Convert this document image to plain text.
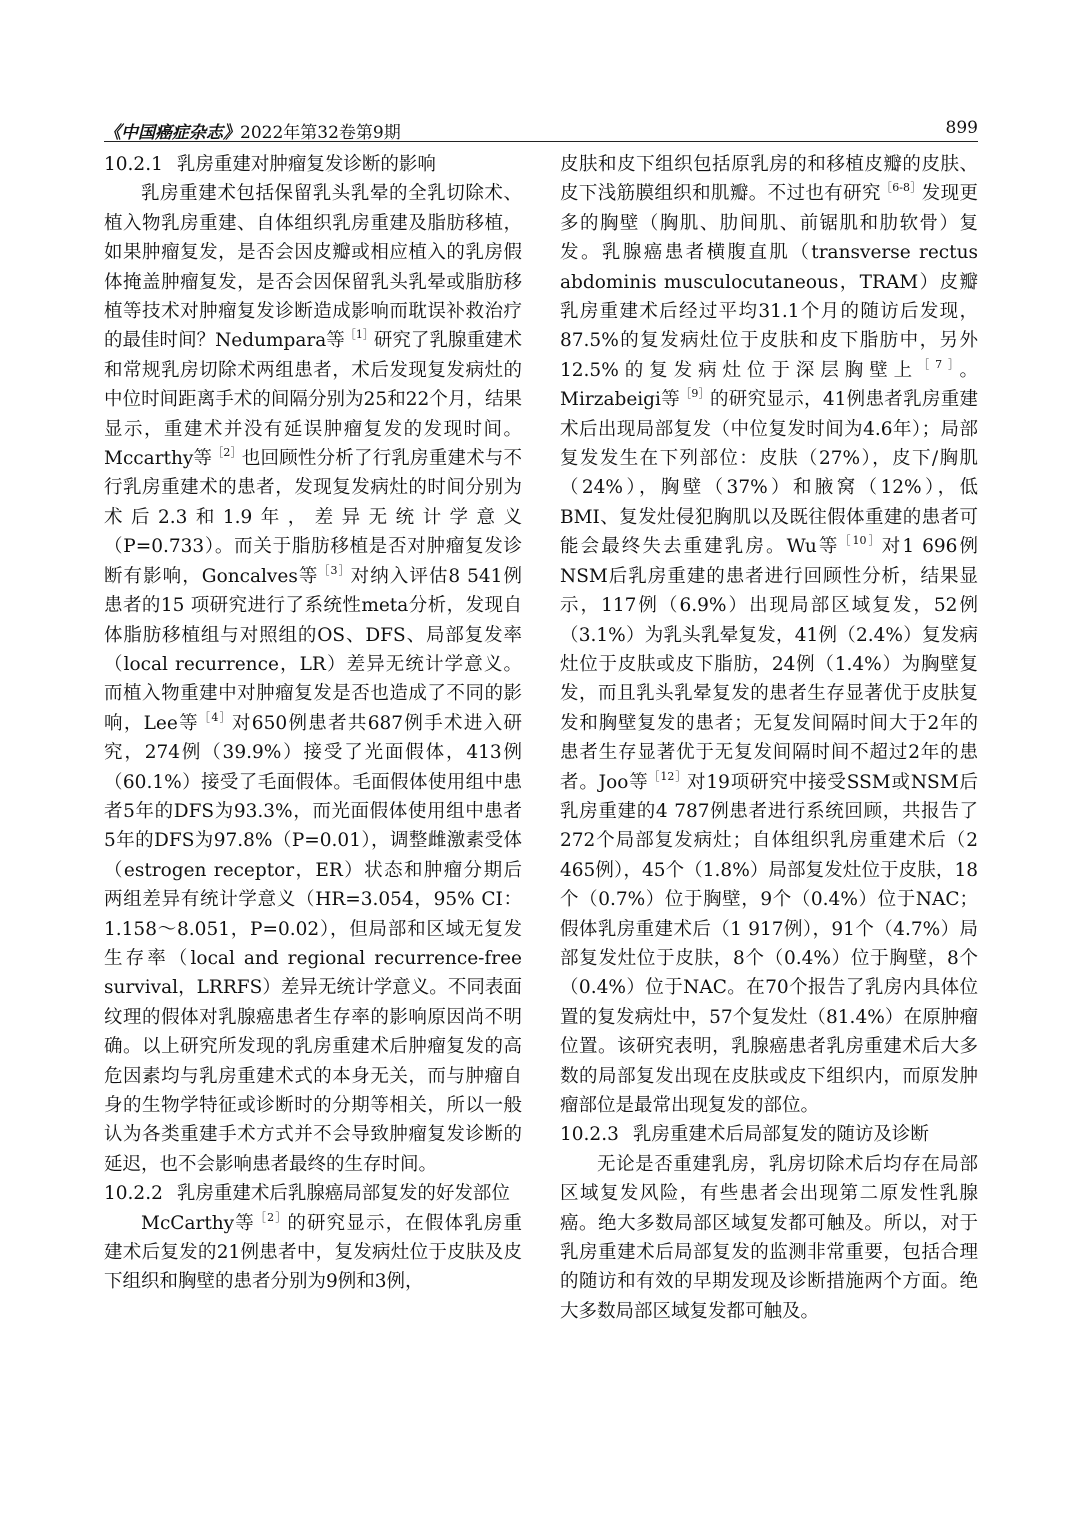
《中国癌症杂志》2022年第32卷第9期	899
10.2.1 乳房重建对肿瘤复发诊断的影响

乳房重建术包括保留乳头乳晕的全乳切除术、植入物乳房重建、自体组织乳房重建及脂肪移植，如果肿瘤复发，是否会因皮瓣或相应植入的乳房假体掩盖肿瘤复发，是否会因保留乳头乳晕或脂肪移植等技术对肿瘤复发诊断造成影响而耽误补救治疗的最佳时间？Nedumpara等$^{[1]}$研究了乳腺重建术和常规乳房切除术两组患者，术后发现复发病灶的中位时间距离手术的间隔分别为25和22个月，结果显示，重建术并没有延误肿瘤复发的发现时间。Mccarthy等$^{[2]}$也回顾性分析了行乳房重建术与不行乳房重建术的患者，发现复发病灶的时间分别为术后2.3和1.9年，差异无统计学意义（P=0.733）。而关于脂肪移植是否对肿瘤复发诊断有影响，Goncalves等$^{[3]}$对纳入评估8 541例患者的15 项研究进行了系统性meta分析，发现自体脂肪移植组与对照组的OS、DFS、局部复发率（local recurrence，LR）差异无统计学意义。而植入物重建中对肿瘤复发是否也造成了不同的影响，Lee等$^{[4]}$对650例患者共687例手术进入研究，274例（39.9%）接受了光面假体，413例（60.1%）接受了毛面假体。毛面假体使用组中患者5年的DFS为93.3%，而光面假体使用组中患者5年的DFS为97.8%（P=0.01），调整雌激素受体（estrogen receptor，ER）状态和肿瘤分期后两组差异有统计学意义（HR=3.054，95% CI：1.158～8.051，P=0.02），但局部和区域无复发生存率（local and regional recurrence-free survival，LRRFS）差异无统计学意义。不同表面纹理的假体对乳腺癌患者生存率的影响原因尚不明确。以上研究所发现的乳房重建术后肿瘤复发的高危因素均与乳房重建术式的本身无关，而与肿瘤自身的生物学特征或诊断时的分期等相关，所以一般认为各类重建手术方式并不会导致肿瘤复发诊断的延迟，也不会影响患者最终的生存时间。

10.2.2 乳房重建术后乳腺癌局部复发的好发部位

McCarthy等$^{[2]}$的研究显示，在假体乳房重建术后复发的21例患者中，复发病灶位于皮肤及皮下组织和胸壁的患者分别为9例和3例，

皮肤和皮下组织包括原乳房的和移植皮瓣的皮肤、皮下浅筋膜组织和肌瓣。不过也有研究$^{[6-8]}$发现更多的胸壁（胸肌、肋间肌、前锯肌和肋软骨）复发。乳腺癌患者横腹直肌（transverse rectus abdominis musculocutaneous，TRAM）皮瓣乳房重建术后经过平均31.1个月的随访后发现，87.5%的复发病灶位于皮肤和皮下脂肪中，另外12.5%的复发病灶位于深层胸壁上$^{[7]}$。Mirzabeigi等$^{[9]}$的研究显示，41例患者乳房重建术后出现局部复发（中位复发时间为4.6年）；局部复发发生在下列部位：皮肤（27%），皮下/胸肌（24%），胸壁（37%）和腋窝（12%），低BMI、复发灶侵犯胸肌以及既往假体重建的患者可能会最终失去重建乳房。Wu等$^{[10]}$对1 696例NSM后乳房重建的患者进行回顾性分析，结果显示，117例（6.9%）出现局部区域复发，52例（3.1%）为乳头乳晕复发，41例（2.4%）复发病灶位于皮肤或皮下脂肪，24例（1.4%）为胸壁复发，而且乳头乳晕复发的患者生存显著优于皮肤复发和胸壁复发的患者；无复发间隔时间大于2年的患者生存显著优于无复发间隔时间不超过2年的患者。Joo等$^{[12]}$对19项研究中接受SSM或NSM后乳房重建的4 787例患者进行系统回顾，共报告了272个局部复发病灶；自体组织乳房重建术后（2 465例），45个（1.8%）局部复发灶位于皮肤，18个（0.7%）位于胸壁，9个（0.4%）位于NAC；假体乳房重建术后（1 917例），91个（4.7%）局部复发灶位于皮肤，8个（0.4%）位于胸壁，8个（0.4%）位于NAC。在70个报告了乳房内具体位置的复发病灶中，57个复发灶（81.4%）在原肿瘤位置。该研究表明，乳腺癌患者乳房重建术后大多数的局部复发出现在皮肤或皮下组织内，而原发肿瘤部位是最常出现复发的部位。

10.2.3 乳房重建术后局部复发的随访及诊断

无论是否重建乳房，乳房切除术后均存在局部区域复发风险，有些患者会出现第二原发性乳腺癌。绝大多数局部区域复发都可触及。所以，对于乳房重建术后局部复发的监测非常重要，包括合理的随访和有效的早期发现及诊断措施两个方面。绝大多数局部区域复发都可触及。
